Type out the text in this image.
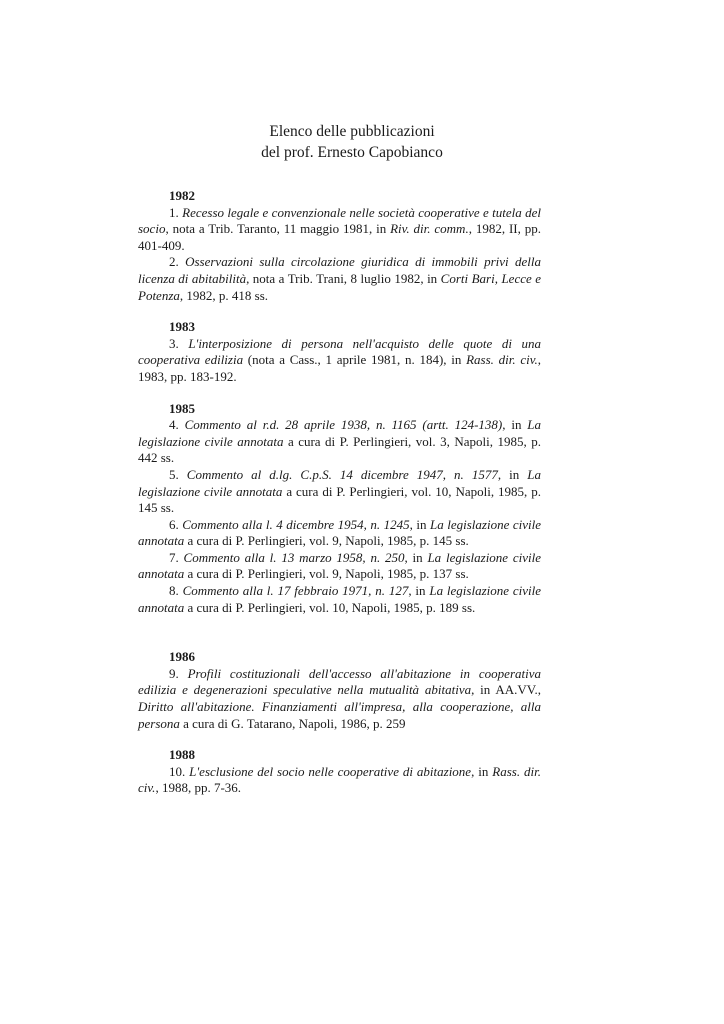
Elenco delle pubblicazioni
del prof. Ernesto Capobianco

1982

1. Recesso legale e convenzionale nelle società cooperative e tutela del socio, nota a Trib. Taranto, 11 maggio 1981, in Riv. dir. comm., 1982, II, pp. 401-409.

2. Osservazioni sulla circolazione giuridica di immobili privi della licenza di abitabilità, nota a Trib. Trani, 8 luglio 1982, in Corti Bari, Lecce e Potenza, 1982, p. 418 ss.

1983

3. L'interposizione di persona nell'acquisto delle quote di una cooperativa edilizia (nota a Cass., 1 aprile 1981, n. 184), in Rass. dir. civ., 1983, pp. 183-192.

1985

4. Commento al r.d. 28 aprile 1938, n. 1165 (artt. 124-138), in La legislazione civile annotata a cura di P. Perlingieri, vol. 3, Napoli, 1985, p. 442 ss.

5. Commento al d.lg. C.p.S. 14 dicembre 1947, n. 1577, in La legislazione civile annotata a cura di P. Perlingieri, vol. 10, Napoli, 1985, p. 145 ss.

6. Commento alla l. 4 dicembre 1954, n. 1245, in La legislazione civile annotata a cura di P. Perlingieri, vol. 9, Napoli, 1985, p. 145 ss.

7. Commento alla l. 13 marzo 1958, n. 250, in La legislazione civile annotata a cura di P. Perlingieri, vol. 9, Napoli, 1985, p. 137 ss.

8. Commento alla l. 17 febbraio 1971, n. 127, in La legislazione civile annotata a cura di P. Perlingieri, vol. 10, Napoli, 1985, p. 189 ss.

1986

9. Profili costituzionali dell'accesso all'abitazione in cooperativa edilizia e degenerazioni speculative nella mutualità abitativa, in AA.VV., Diritto all'abitazione. Finanziamenti all'impresa, alla cooperazione, alla persona a cura di G. Tatarano, Napoli, 1986, p. 259

1988

10. L'esclusione del socio nelle cooperative di abitazione, in Rass. dir. civ., 1988, pp. 7-36.
